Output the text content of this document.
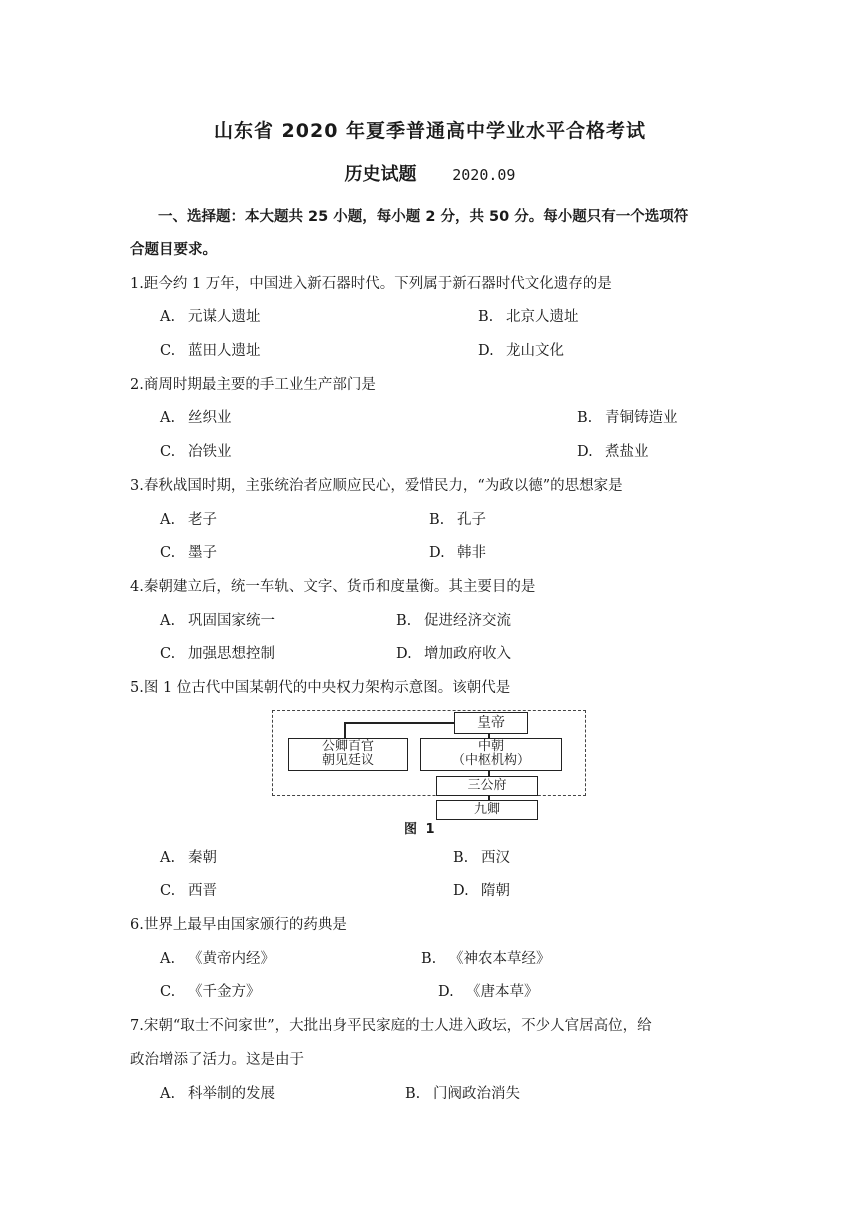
山东省 2020 年夏季普通高中学业水平合格考试
历史试题 2020.09
一、选择题：本大题共 25 小题，每小题 2 分，共 50 分。每小题只有一个选项符
合题目要求。
1.距今约 1 万年，中国进入新石器时代。下列属于新石器时代文化遗存的是
A. 元谋人遗址	B. 北京人遗址
C. 蓝田人遗址	D. 龙山文化
2.商周时期最主要的手工业生产部门是
A. 丝织业	B. 青铜铸造业
C. 冶铁业	D. 煮盐业
3.春秋战国时期，主张统治者应顺应民心，爱惜民力，“为政以德”的思想家是
A. 老子	B. 孔子
C. 墨子	D. 韩非
4.秦朝建立后，统一车轨、文字、货币和度量衡。其主要目的是
A. 巩固国家统一	B. 促进经济交流
C. 加强思想控制	D. 增加政府收入
5.图 1 位古代中国某朝代的中央权力架构示意图。该朝代是
皇帝
公卿百官
朝见廷议
中朝
（中枢机构）
三公府
九卿
图 1
A. 秦朝	B. 西汉
C. 西晋	D. 隋朝
6.世界上最早由国家颁行的药典是
A. 《黄帝内经》	B. 《神农本草经》
C. 《千金方》	D. 《唐本草》
7.宋朝“取士不问家世”，大批出身平民家庭的士人进入政坛，不少人官居高位，给
政治增添了活力。这是由于
A. 科举制的发展	B. 门阀政治消失
